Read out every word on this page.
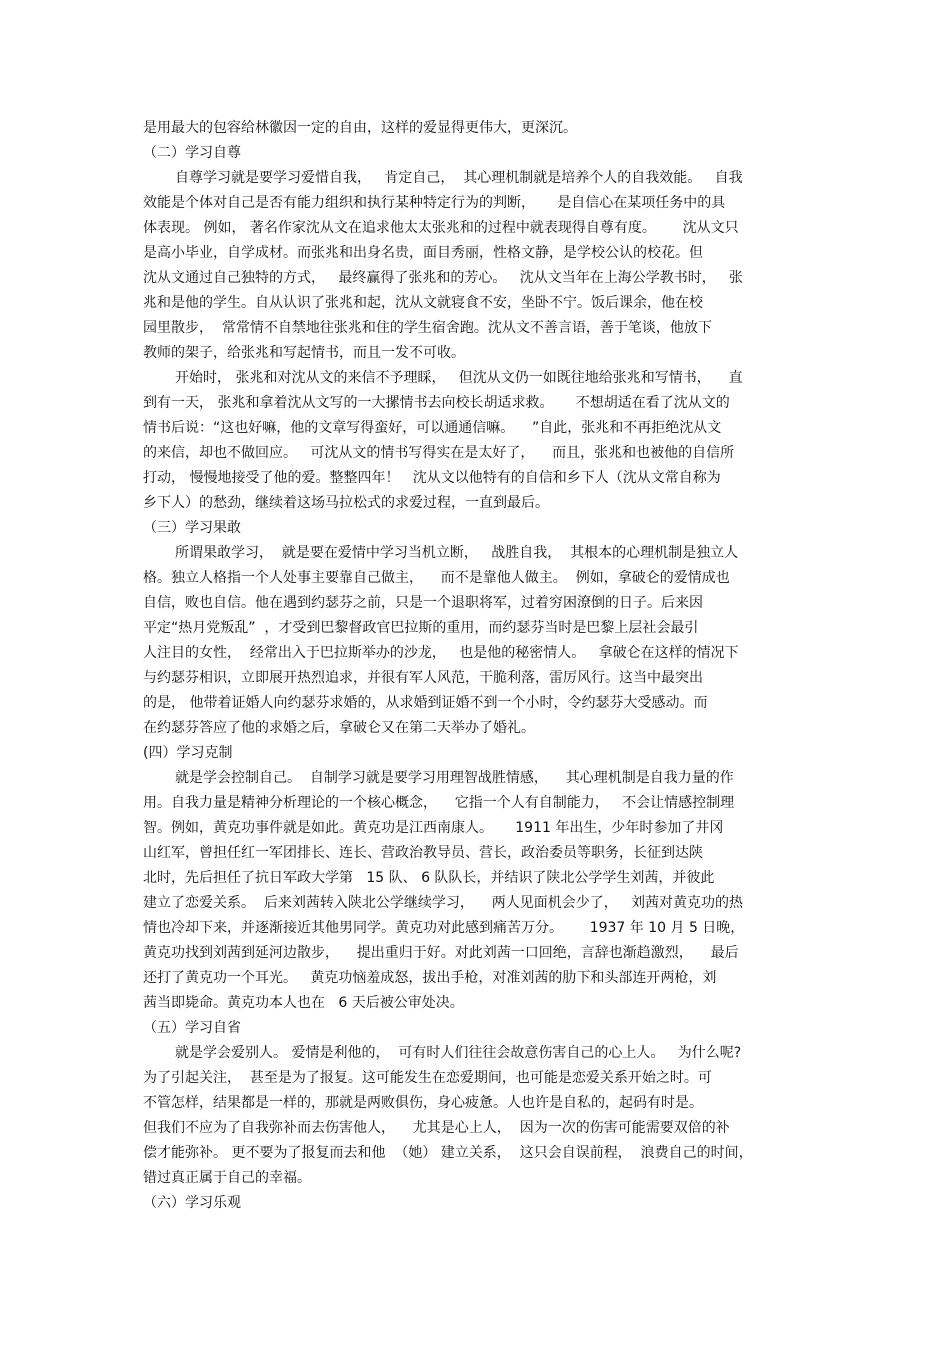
是用最大的包容给林徽因一定的自由，这样的爱显得更伟大，更深沉。
（二）学习自尊
自尊学习就是要学习爱惜自我，   肯定自己，  其心理机制就是培养个人的自我效能。   自我
效能是个体对自己是否有能力组织和执行某种特定行为的判断，     是自信心在某项任务中的具
体表现。 例如， 著名作家沈从文在追求他太太张兆和的过程中就表现得自尊有度。      沈从文只
是高小毕业，自学成材。而张兆和出身名贵，面目秀丽，性格文静，是学校公认的校花。但
沈从文通过自己独特的方式，   最终赢得了张兆和的芳心。   沈从文当年在上海公学教书时，   张
兆和是他的学生。自从认识了张兆和起，沈从文就寝食不安，坐卧不宁。饭后课余，他在校
园里散步，  常常情不自禁地往张兆和住的学生宿舍跑。沈从文不善言语，善于笔谈，他放下
教师的架子，给张兆和写起情书，而且一发不可收。
开始时， 张兆和对沈从文的来信不予理睬，   但沈从文仍一如既往地给张兆和写情书，    直
到有一天， 张兆和拿着沈从文写的一大摞情书去向校长胡适求救。     不想胡适在看了沈从文的
情书后说：“这也好嘛，他的文章写得蛮好，可以通通信嘛。    ”自此，张兆和不再拒绝沈从文
的来信，却也不做回应。   可沈从文的情书写得实在是太好了，    而且，张兆和也被他的自信所
打动， 慢慢地接受了他的爱。整整四年！   沈从文以他特有的自信和乡下人（沈从文常自称为
乡下人）的愁劲，继续着这场马拉松式的求爱过程，一直到最后。
（三）学习果敢
所谓果敢学习，  就是要在爱情中学习当机立断，   战胜自我，  其根本的心理机制是独立人
格。独立人格指一个人处事主要靠自己做主，    而不是靠他人做主。  例如，拿破仑的爱情成也
自信，败也自信。他在遇到约瑟芬之前，只是一个退职将军，过着穷困潦倒的日子。后来因
平定“热月党叛乱”  ，才受到巴黎督政官巴拉斯的重用，而约瑟芬当时是巴黎上层社会最引
人注目的女性，  经常出入于巴拉斯举办的沙龙，   也是他的秘密情人。   拿破仑在这样的情况下
与约瑟芬相识，立即展开热烈追求，并很有军人风范，干脆利落，雷厉风行。这当中最突出
的是， 他带着证婚人向约瑟芬求婚的，从求婚到证婚不到一个小时，令约瑟芬大受感动。而
在约瑟芬答应了他的求婚之后，拿破仑又在第二天举办了婚礼。
(四）学习克制
就是学会控制自己。  自制学习就是要学习用理智战胜情感，    其心理机制是自我力量的作
用。自我力量是精神分析理论的一个核心概念，    它指一个人有自制能力，   不会让情感控制理
智。例如，黄克功事件就是如此。黄克功是江西南康人。     1911 年出生，少年时参加了井冈
山红军，曾担任红一军团排长、连长、营政治教导员、营长，政治委员等职务，长征到达陕
北时，先后担任了抗日军政大学第   15 队、 6 队队长，并结识了陕北公学学生刘茜，并彼此
建立了恋爱关系。  后来刘茜转入陕北公学继续学习，    两人见面机会少了，   刘茜对黄克功的热
情也冷却下来，并逐渐接近其他男同学。黄克功对此感到痛苦万分。      1937 年 10 月 5 日晚，
黄克功找到刘茜到延河边散步，    提出重归于好。对此刘茜一口回绝，言辞也渐趋激烈，    最后
还打了黄克功一个耳光。   黄克功恼羞成怒，拔出手枪，对准刘茜的肋下和头部连开两枪，刘
茜当即毙命。黄克功本人也在   6 天后被公审处决。
（五）学习自省
就是学会爱别人。 爱情是利他的，  可有时人们往往会故意伤害自己的心上人。   为什么呢?
为了引起关注，  甚至是为了报复。这可能发生在恋爱期间，也可能是恋爱关系开始之时。可
不管怎样，结果都是一样的，那就是两败俱伤，身心疲惫。人也许是自私的，起码有时是。
但我们不应为了自我弥补而去伤害他人，    尤其是心上人，  因为一次的伤害可能需要双倍的补
偿才能弥补。 更不要为了报复而去和他  （她） 建立关系，  这只会自误前程，  浪费自己的时间，
错过真正属于自己的幸福。
（六）学习乐观
